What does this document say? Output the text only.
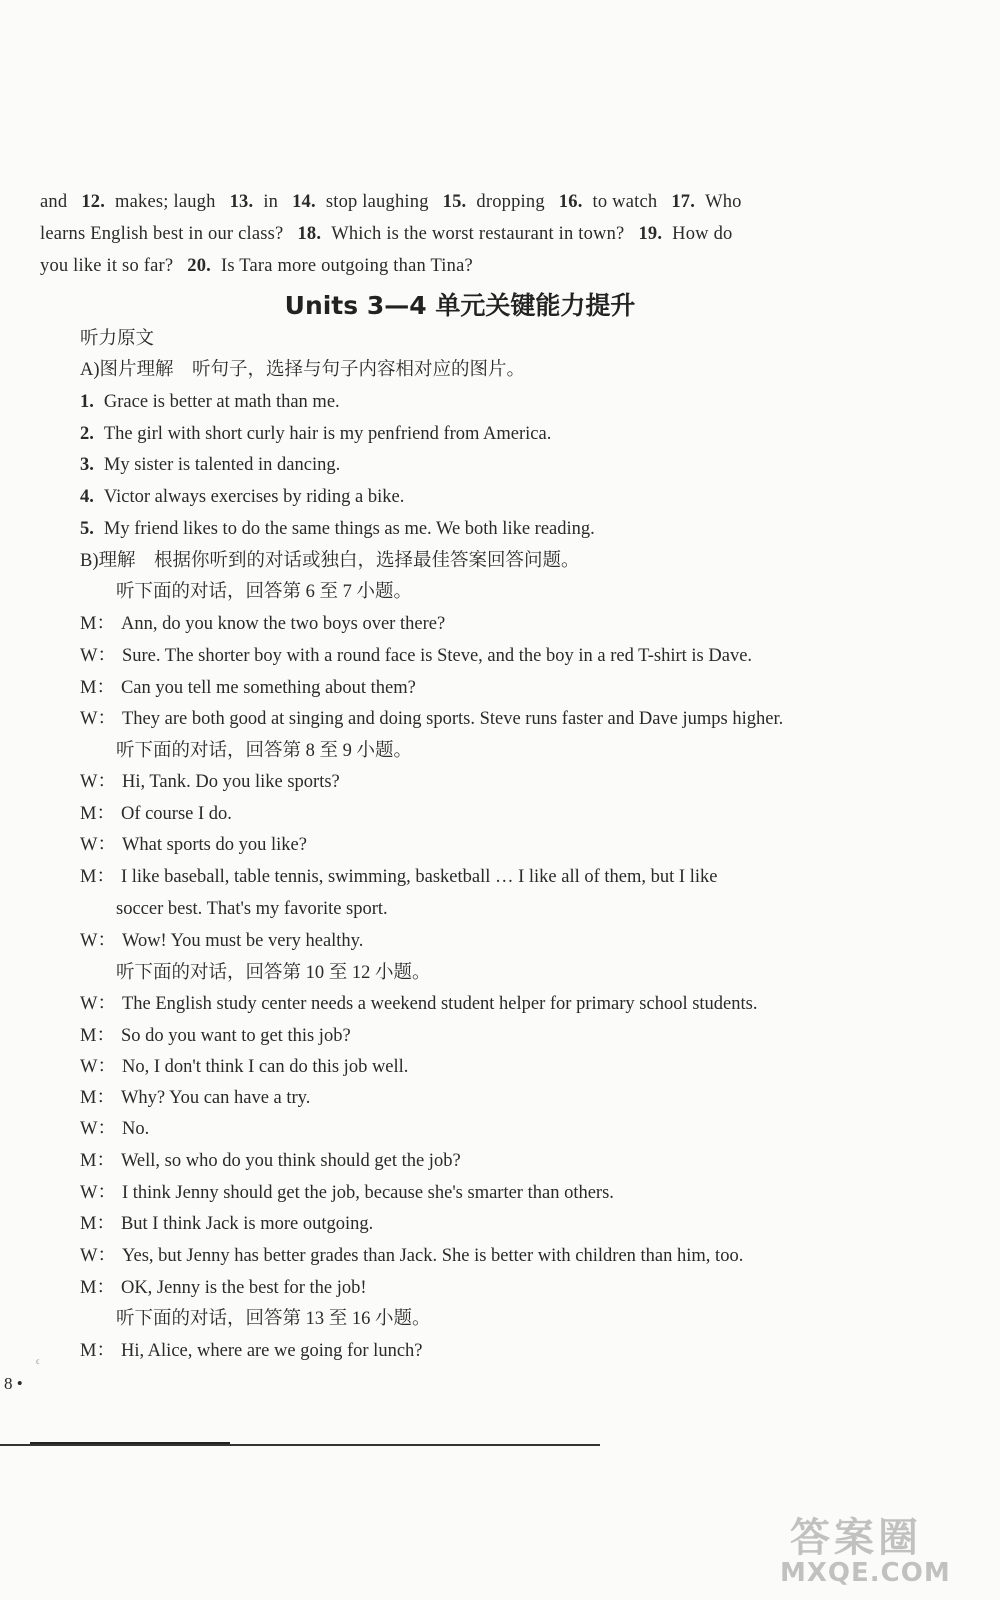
and 12. makes; laugh 13. in 14. stop laughing 15. dropping 16. to watch 17. Who
learns English best in our class? 18. Which is the worst restaurant in town? 19. How do
you like it so far? 20. Is Tara more outgoing than Tina?
Units 3—4 单元关键能力提升
听力原文
A)图片理解　听句子，选择与句子内容相对应的图片。
1. Grace is better at math than me.
2. The girl with short curly hair is my penfriend from America.
3. My sister is talented in dancing.
4. Victor always exercises by riding a bike.
5. My friend likes to do the same things as me. We both like reading.
B)理解　根据你听到的对话或独白，选择最佳答案回答问题。
听下面的对话，回答第 6 至 7 小题。
M： Ann, do you know the two boys over there?
W： Sure. The shorter boy with a round face is Steve, and the boy in a red T-shirt is Dave.
M： Can you tell me something about them?
W： They are both good at singing and doing sports. Steve runs faster and Dave jumps higher.
听下面的对话，回答第 8 至 9 小题。
W： Hi, Tank. Do you like sports?
M： Of course I do.
W： What sports do you like?
M： I like baseball, table tennis, swimming, basketball … I like all of them, but I like
soccer best. That's my favorite sport.
W： Wow! You must be very healthy.
听下面的对话，回答第 10 至 12 小题。
W： The English study center needs a weekend student helper for primary school students.
M： So do you want to get this job?
W： No, I don't think I can do this job well.
M： Why? You can have a try.
W： No.
M： Well, so who do you think should get the job?
W： I think Jenny should get the job, because she's smarter than others.
M： But I think Jack is more outgoing.
W： Yes, but Jenny has better grades than Jack. She is better with children than him, too.
M： OK, Jenny is the best for the job!
听下面的对话，回答第 13 至 16 小题。
M： Hi, Alice, where are we going for lunch?
ϵ
8 •
答案圈
MXQE.COM
